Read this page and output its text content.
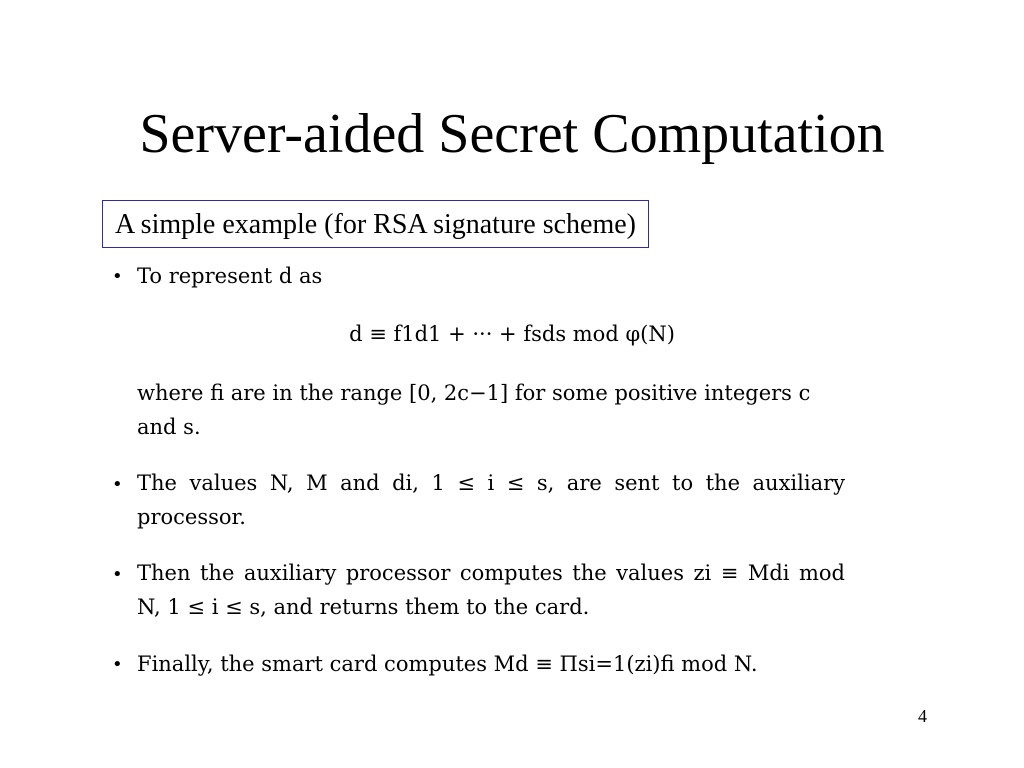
Server-aided Secret Computation
A simple example (for RSA signature scheme)
• To represent d as
d ≡ f1d1 + ··· + fsds mod φ(N)
where fi are in the range [0, 2c−1] for some positive integers c and s.
• The values N, M and di, 1 ≤ i ≤ s, are sent to the auxiliary processor.
• Then the auxiliary processor computes the values zi ≡ Mdi mod N, 1 ≤ i ≤ s, and returns them to the card.
• Finally, the smart card computes Md ≡ Πsi=1(zi)fi mod N.
4
